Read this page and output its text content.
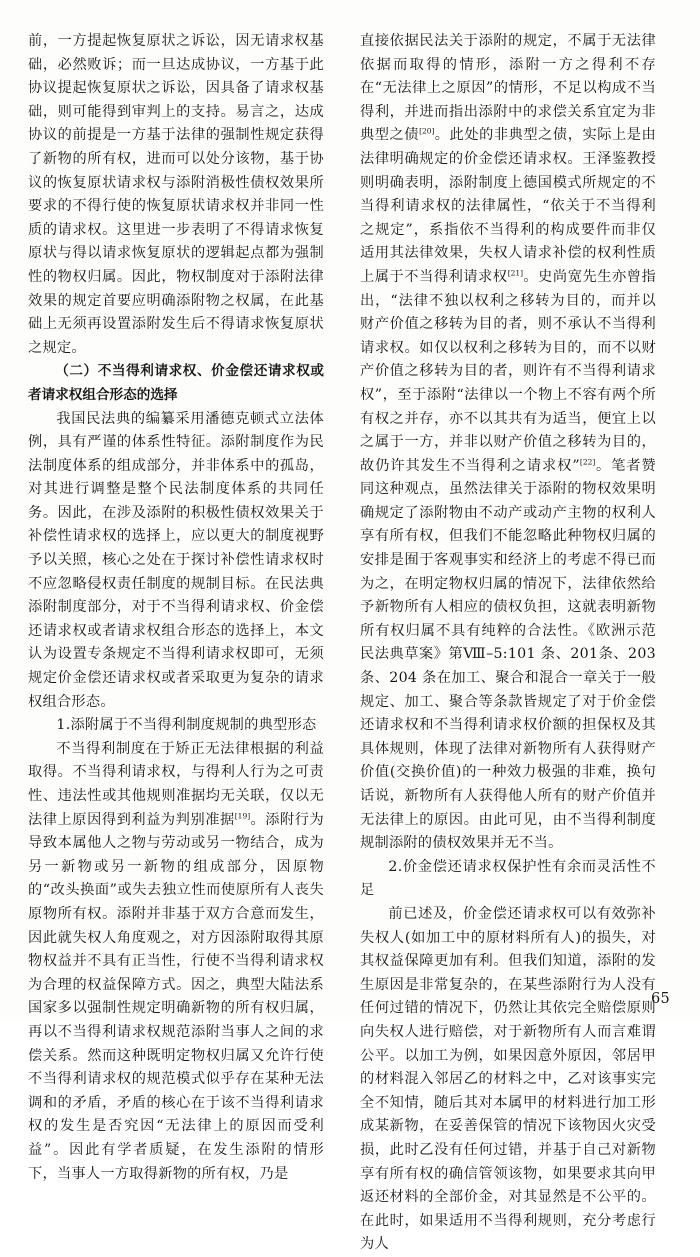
前，一方提起恢复原状之诉讼，因无请求权基础，必然败诉；而一旦达成协议，一方基于此协议提起恢复原状之诉讼，因具备了请求权基础，则可能得到审判上的支持。易言之，达成协议的前提是一方基于法律的强制性规定获得了新物的所有权，进而可以处分该物，基于协议的恢复原状请求权与添附消极性债权效果所要求的不得行使的恢复原状请求权并非同一性质的请求权。这里进一步表明了不得请求恢复原状与得以请求恢复原状的逻辑起点都为强制性的物权归属。因此，物权制度对于添附法律效果的规定首要应明确添附物之权属，在此基础上无须再设置添附发生后不得请求恢复原状之规定。

（二）不当得利请求权、价金偿还请求权或者请求权组合形态的选择

我国民法典的编纂采用潘德克顿式立法体例，具有严谨的体系性特征。添附制度作为民法制度体系的组成部分，并非体系中的孤岛，对其进行调整是整个民法制度体系的共同任务。因此，在涉及添附的积极性债权效果关于补偿性请求权的选择上，应以更大的制度视野予以关照，核心之处在于探讨补偿性请求权时不应忽略侵权责任制度的规制目标。在民法典添附制度部分，对于不当得利请求权、价金偿还请求权或者请求权组合形态的选择上，本文认为设置专条规定不当得利请求权即可，无须规定价金偿还请求权或者采取更为复杂的请求权组合形态。

1.添附属于不当得利制度规制的典型形态

不当得利制度在于矫正无法律根据的利益取得。不当得利请求权，与得利人行为之可责性、违法性或其他规则准据均无关联，仅以无法律上原因得到利益为判别准据[19]。添附行为导致本属他人之物与劳动或另一物结合，成为另一新物或另一新物的组成部分，因原物的“改头换面”或失去独立性而使原所有人丧失原物所有权。添附并非基于双方合意而发生，因此就失权人角度观之，对方因添附取得其原物权益并不具有正当性，行使不当得利请求权为合理的权益保障方式。因之，典型大陆法系国家多以强制性规定明确新物的所有权归属，再以不当得利请求权规范添附当事人之间的求偿关系。然而这种既明定物权归属又允许行使不当得利请求权的规范模式似乎存在某种无法调和的矛盾，矛盾的核心在于该不当得利请求权的发生是否究因“无法律上的原因而受利益”。因此有学者质疑，在发生添附的情形下，当事人一方取得新物的所有权，乃是

直接依据民法关于添附的规定，不属于无法律依据而取得的情形，添附一方之得利不存在“无法律上之原因”的情形，不足以构成不当得利，并进而指出添附中的求偿关系宜定为非典型之债[20]。此处的非典型之债，实际上是由法律明确规定的价金偿还请求权。王泽鉴教授则明确表明，添附制度上德国模式所规定的不当得利请求权的法律属性，“依关于不当得利之规定”，系指依不当得利的构成要件而非仅适用其法律效果，失权人请求补偿的权利性质上属于不当得利请求权[21]。史尚宽先生亦曾指出，“法律不独以权利之移转为目的，而并以财产价值之移转为目的者，则不承认不当得利请求权。如仅以权利之移转为目的，而不以财产价值之移转为目的者，则许有不当得利请求权”，至于添附“法律以一个物上不容有两个所有权之并存，亦不以其共有为适当，便宜上以之属于一方，并非以财产价值之移转为目的，故仍许其发生不当得利之请求权”[22]。笔者赞同这种观点，虽然法律关于添附的物权效果明确规定了添附物由不动产或动产主物的权利人享有所有权，但我们不能忽略此种物权归属的安排是囿于客观事实和经济上的考虑不得已而为之，在明定物权归属的情况下，法律依然给予新物所有人相应的债权负担，这就表明新物所有权归属不具有纯粹的合法性。《欧洲示范民法典草案》第Ⅷ–5:101 条、201条、203 条、204 条在加工、聚合和混合一章关于一般规定、加工、聚合等条款皆规定了对于价金偿还请求权和不当得利请求权价额的担保权及其具体规则，体现了法律对新物所有人获得财产价值(交换价值)的一种效力极强的非难，换句话说，新物所有人获得他人所有的财产价值并无法律上的原因。由此可见，由不当得利制度规制添附的债权效果并无不当。

2.价金偿还请求权保护性有余而灵活性不足

前已述及，价金偿还请求权可以有效弥补失权人(如加工中的原材料所有人)的损失，对其权益保障更加有利。但我们知道，添附的发生原因是非常复杂的，在某些添附行为人没有任何过错的情况下，仍然让其依完全赔偿原则向失权人进行赔偿，对于新物所有人而言难谓公平。以加工为例，如果因意外原因，邻居甲的材料混入邻居乙的材料之中，乙对该事实完全不知情，随后其对本属甲的材料进行加工形成某新物，在妥善保管的情况下该物因火灾受损，此时乙没有任何过错，并基于自己对新物享有所有权的确信管领该物，如果要求其向甲返还材料的全部价金，对其显然是不公平的。在此时，如果适用不当得利规则，充分考虑行为人

65
